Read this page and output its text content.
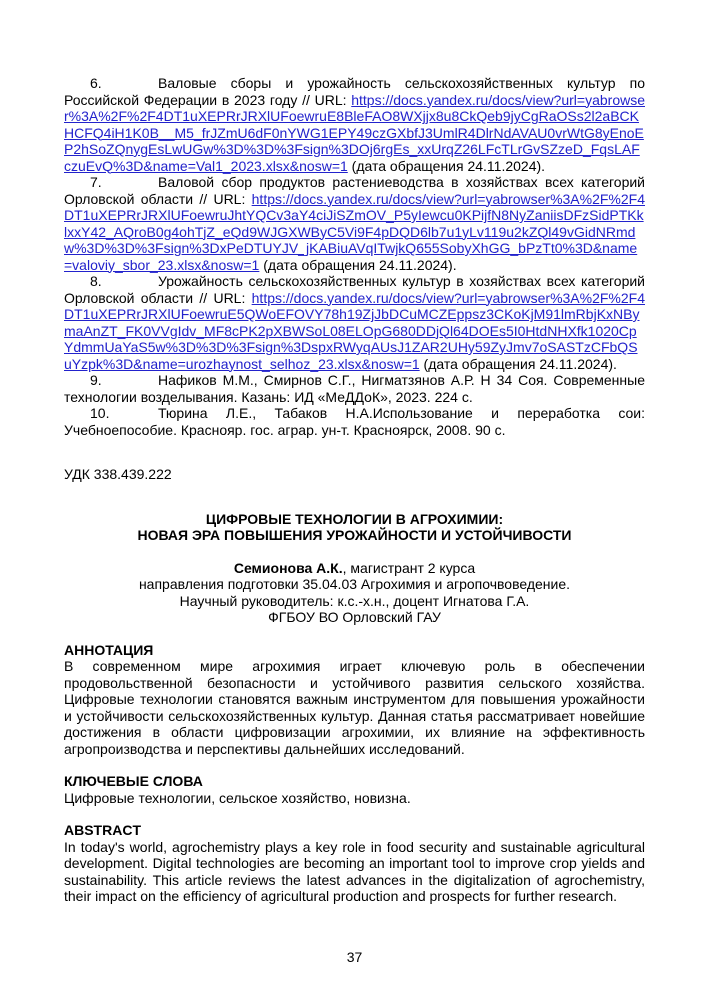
6.	Валовые сборы и урожайность сельскохозяйственных культур по Российской Федерации в 2023 году // URL: https://docs.yandex.ru/docs/view?url=yabrowser%3A%2F%2F4DT1uXEPRrJRXlUFoewruE8BleFAO8WXjjx8u8CkQeb9jyCgRaOSs2l2aBCKHCFQ4iH1K0B__M5_frJZmU6dF0nYWG1EPY49czGXbfJ3UmlR4DlrNdAVAU0vrWtG8yEnoEP2hSoZQnygEsLwUGw%3D%3D%3Fsign%3DOj6rgEs_xxUrqZ26LFcTLrGvSZzeD_FqsLAFczuEvQ%3D&name=Val1_2023.xlsx&nosw=1 (дата обращения 24.11.2024).

7.	Валовой сбор продуктов растениеводства в хозяйствах всех категорий Орловской области // URL: https://docs.yandex.ru/docs/view?url=yabrowser%3A%2F%2F4DT1uXEPRrJRXlUFoewruJhtYQCv3aY4ciJiSZmOV_P5yIewcu0KPijfN8NyZaniisDFzSidPTKklxxY42_AQroB0g4ohTjZ_eQd9WJGXWByC5Vi9F4pDQD6lb7u1yLv119u2kZQl49vGidNRmdw%3D%3D%3Fsign%3DxPeDTUYJV_jKABiuAVqITwjkQ655SobyXhGG_bPzTt0%3D&name=valoviy_sbor_23.xlsx&nosw=1 (дата обращения 24.11.2024).

8.	Урожайность сельскохозяйственных культур в хозяйствах всех категорий Орловской области // URL: https://docs.yandex.ru/docs/view?url=yabrowser%3A%2F%2F4DT1uXEPRrJRXlUFoewruE5QWoEFOVY78h19ZjJbDCuMCZEppsz3CKoKjM91lmRbjKxNBymaAnZT_FK0VVgIdv_MF8cPK2pXBWSoL08ELOpG680DDjQl64DOEs5I0HtdNHXfk1020CpYdmmUaYaS5w%3D%3D%3Fsign%3DspxRWyqAUsJ1ZAR2UHy59ZyJmv7oSASTzCFbQSuYzpk%3D&name=urozhaynost_selhoz_23.xlsx&nosw=1 (дата обращения 24.11.2024).

9.	Нафиков М.М., Смирнов С.Г., Нигматзянов А.Р. Н 34 Соя. Современные технологии возделывания. Казань: ИД «МеДДоК», 2023. 224 с.

10.	Тюрина Л.Е., Табаков Н.А.Использование и переработка сои: Учебноепособие. Краснояр. гос. аграр. ун-т. Красноярск, 2008. 90 с.

УДК 338.439.222

ЦИФРОВЫЕ ТЕХНОЛОГИИ В АГРОХИМИИ:
НОВАЯ ЭРА ПОВЫШЕНИЯ УРОЖАЙНОСТИ И УСТОЙЧИВОСТИ
Семионова А.К., магистрант 2 курса
направления подготовки 35.04.03 Агрохимия и агропочвоведение.
Научный руководитель: к.с.-х.н., доцент Игнатова Г.А.
ФГБОУ ВО Орловский ГАУ

АННОТАЦИЯ

В современном мире агрохимия играет ключевую роль в обеспечении продовольственной безопасности и устойчивого развития сельского хозяйства. Цифровые технологии становятся важным инструментом для повышения урожайности и устойчивости сельскохозяйственных культур. Данная статья рассматривает новейшие достижения в области цифровизации агрохимии, их влияние на эффективность агропроизводства и перспективы дальнейших исследований.

КЛЮЧЕВЫЕ СЛОВА

Цифровые технологии, сельское хозяйство, новизна.

ABSTRACT

In today's world, agrochemistry plays a key role in food security and sustainable agricultural development. Digital technologies are becoming an important tool to improve crop yields and sustainability. This article reviews the latest advances in the digitalization of agrochemistry, their impact on the efficiency of agricultural production and prospects for further research.

37
